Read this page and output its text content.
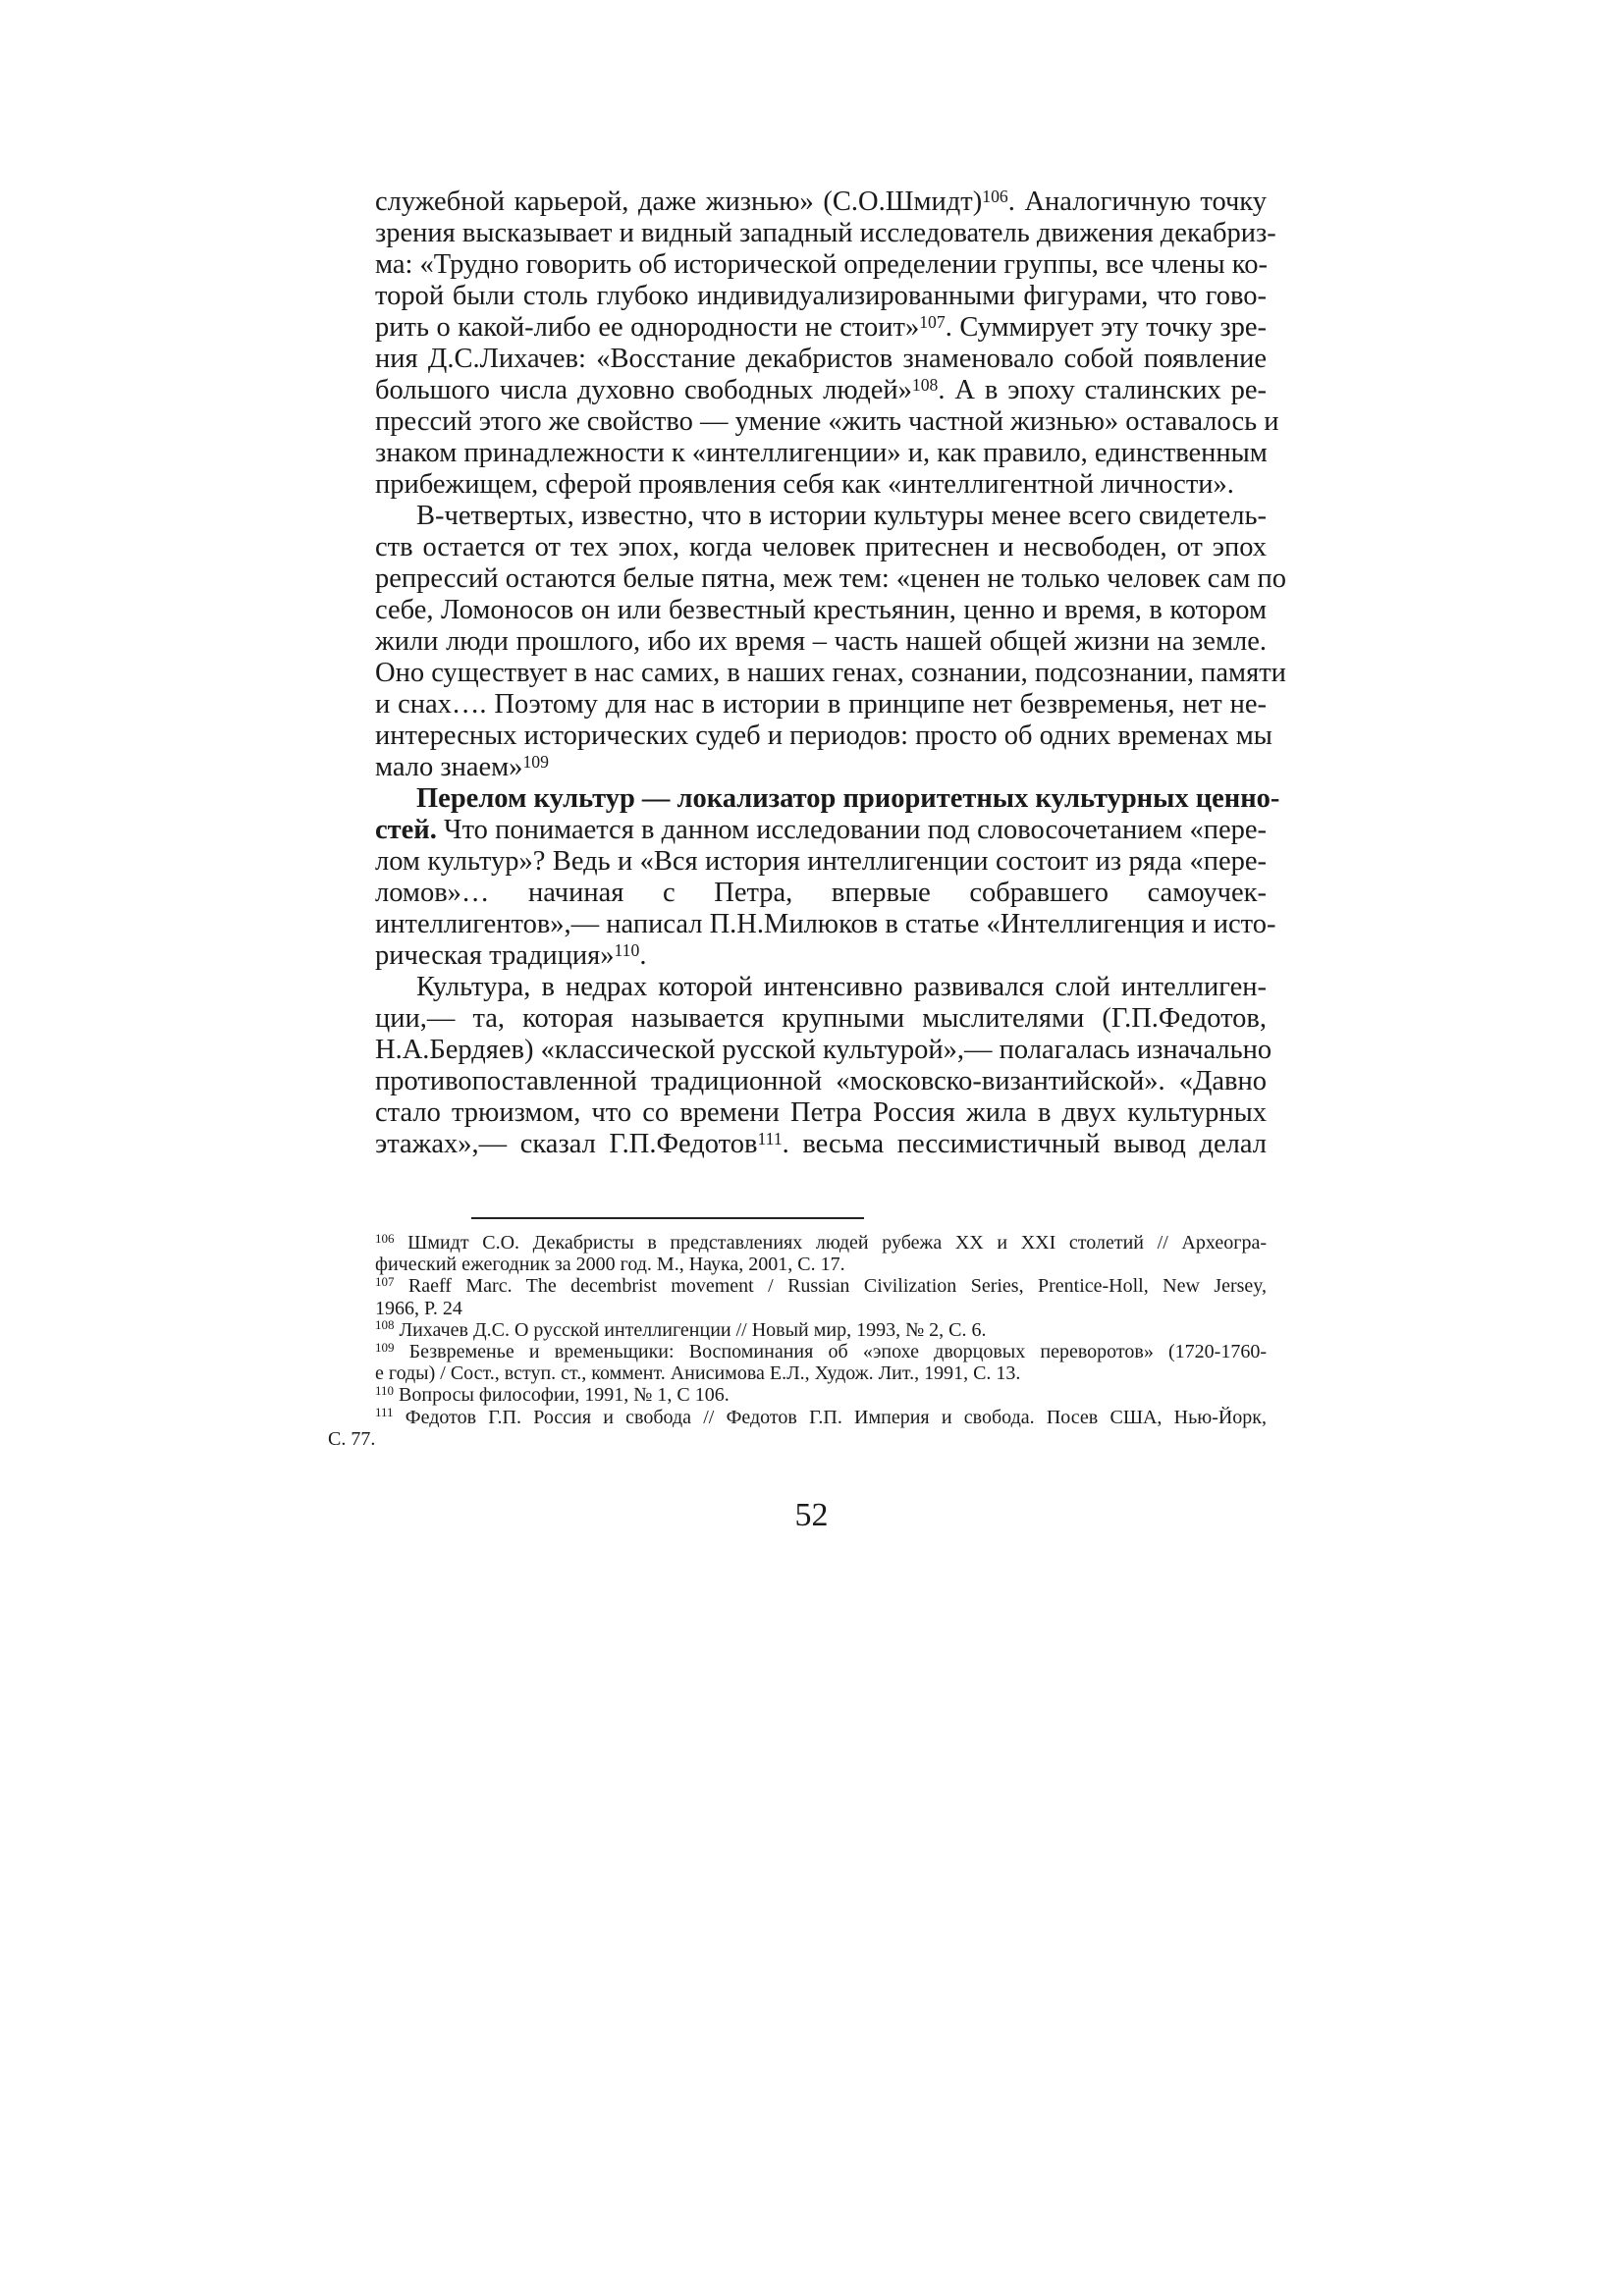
служебной карьерой, даже жизнью» (С.О.Шмидт)$^{106}$. Аналогичную точку
зрения высказывает и видный западный исследователь движения декабриз-
ма: «Трудно говорить об исторической определении группы, все члены ко-
торой были столь глубоко индивидуализированными фигурами, что гово-
рить о какой-либо ее однородности не стоит»$^{107}$. Суммирует эту точку зре-
ния Д.С.Лихачев: «Восстание декабристов знаменовало собой появление
большого числа духовно свободных людей»$^{108}$. А в эпоху сталинских ре-
прессий этого же свойство — умение «жить частной жизнью» оставалось и
знаком принадлежности к «интеллигенции» и, как правило, единственным
прибежищем, сферой проявления себя как «интеллигентной личности».
В-четвертых, известно, что в истории культуры менее всего свидетель-
ств остается от тех эпох, когда человек притеснен и несвободен, от эпох
репрессий остаются белые пятна, меж тем: «ценен не только человек сам по
себе, Ломоносов он или безвестный крестьянин, ценно и время, в котором
жили люди прошлого, ибо их время – часть нашей общей жизни на земле.
Оно существует в нас самих, в наших генах, сознании, подсознании, памяти
и снах…. Поэтому для нас в истории в принципе нет безвременья, нет не-
интересных исторических судеб и периодов: просто об одних временах мы
мало знаем»$^{109}$
Перелом культур — локализатор приоритетных культурных ценно-
стей. Что понимается в данном исследовании под словосочетанием «пере-
лом культур»? Ведь и «Вся история интеллигенции состоит из ряда «пере-
ломов»… начиная с Петра, впервые собравшего самоучек-
интеллигентов»,— написал П.Н.Милюков в статье «Интеллигенция и исто-
рическая традиция»$^{110}$.
Культура, в недрах которой интенсивно развивался слой интеллиген-
ции,— та, которая называется крупными мыслителями (Г.П.Федотов,
Н.А.Бердяев) «классической русской культурой»,— полагалась изначально
противопоставленной традиционной «московско-византийской». «Давно
стало трюизмом, что со времени Петра Россия жила в двух культурных
этажах»,— сказал Г.П.Федотов$^{111}$. весьма пессимистичный вывод делал
$^{106}$ Шмидт С.О. Декабристы в представлениях людей рубежа XX и XXI столетий // Археогра-
фический ежегодник за 2000 год. М., Наука, 2001, С. 17.
$^{107}$ Raeff Marc. The decembrist movement / Russian Civilization Series, Prentice-Holl, New Jersey,
1966, P. 24
$^{108}$ Лихачев Д.С. О русской интеллигенции // Новый мир, 1993, № 2, С. 6.
$^{109}$ Безвременье и временьщики: Воспоминания об «эпохе дворцовых переворотов» (1720-1760-
е годы) / Сост., вступ. ст., коммент. Анисимова Е.Л., Худож. Лит., 1991, С. 13.
$^{110}$ Вопросы философии, 1991, № 1, С 106.
$^{111}$ Федотов Г.П. Россия и свобода // Федотов Г.П. Империя и свобода. Посев США, Нью-Йорк,
С. 77.
52
